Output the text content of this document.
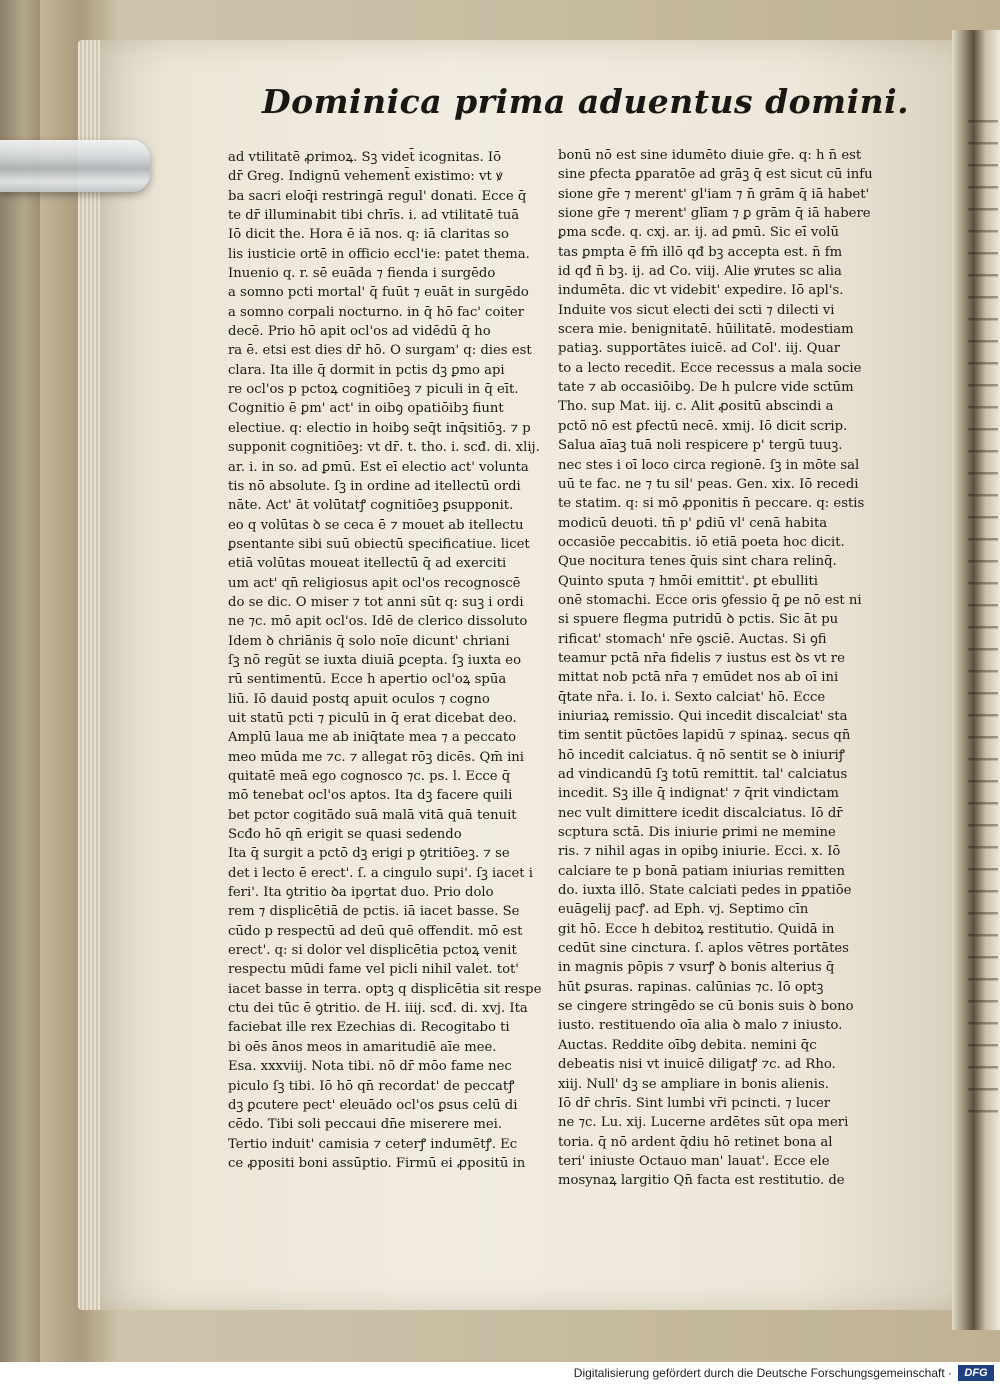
Dominica prima aduentus domini.
ad vtilitatē ꝓrimoꝝ. Sꝫ videt̄ icognitas. Iō
dr̄ Greg. Indignū vehement̄ existimo: vt ꝟ
ba sacri eloq̄i restringā regul' donati. Ecce q̄
te dr̄ illuminabit tibi chrīs. i. ad vtilitatē tuā
Iō dicit the. Hora ē iā nos. q: iā claritas so
lis iusticie ortē in officio eccl'ie: patet thema.
Inuenio q. r. sē euāda ⁊ fienda i surgēdo
a somno pcti mortal' q̄ fuūt ⁊ euāt in surgēdo
a somno corpali nocturno. in q̄ hō fac' coiter
decē. Prio hō apit ocl'os ad vidēdū q̄ ho
ra ē. etsi est dies dr̄ hō. O surgam' q: dies est
clara. Ita ille q̄ dormit in pctis dꝫ ꝑmo api
re ocl'os p pctoꝝ cognitiōeꝫ ⁊ piculi in q̄ eīt.
Cognitio ē ꝑm' act' in oibꝯ opatiōibꝫ fiunt
electiue. q: electio in hoibꝯ seq̄t inq̄sitiōꝫ. ⁊ p
supponit cognitiōeꝫ: vt dr̄. t. tho. i. scđ. di. xlij.
ar. i. in so. ad ꝑmū. Est eī electio act' volunta
tis nō absolute. ſꝫ in ordine ad itellectū ordi
nāte. Act' āt volūtatꝭ cognitiōeꝫ ꝑsupponit.
eo q volūtas ꝺ se ceca ē ⁊ mouet ab itellectu
ꝑsentante sibi suū obiectū specificatiue. licet
etiā volūtas moueat itellectū q̄ ad exerciti
um act' qn̄ religiosus apit ocl'os recognoscē
do se dic. O miser ⁊ tot anni sūt q: suꝫ i ordi
ne ⁊c. mō apit ocl'os. Idē de clerico dissoluto
Idem ꝺ chriānis q̄ solo noīe dicunt' chriani
ſꝫ nō regūt se iuxta diuiā ꝑcepta. ſꝫ iuxta eo
rū sentimentū. Ecce h apertio ocl'oꝝ spūa
liū. Iō dauid postq apuit oculos ⁊ cogno
uit statū pcti ⁊ piculū in q̄ erat dicebat deo.
Amplū laua me ab iniq̄tate mea ⁊ a peccato
meo mūda me ⁊c. ⁊ allegat rōꝫ dicēs. Qm̄ ini
quitatē meā ego cognosco ⁊c. ps. l. Ecce q̄
mō tenebat ocl'os aptos. Ita dꝫ facere quili
bet pctor cogitādo suā malā vitā quā tenuit
Scđo hō qn̄ erigit se quasi sedendo
Ita q̄ surgit a pctō dꝫ erigi p ꝯtritiōeꝫ. ⁊ se
det i lecto ē erect'. ſ. a cingulo supi'. ſꝫ iacet i
feri'. Ita ꝯtritio ꝺa ipo̱rtat duo. Prio dolo
rem ⁊ displicētiā de pctis. iā iacet basse. Se
cūdo p respectū ad deū quē offendit. mō est
erect'. q: si dolor vel displicētia pctoꝝ venit
respectu mūdi fame vel picli nihil valet. tot'
iacet basse in terra. optꝫ q displicētia sit respe
ctu dei tūc ē ꝯtritio. de H. iiij. scđ. di. xvj. Ita
faciebat ille rex Ezechias di. Recogitabo ti
bi oēs ānos meos in amaritudiē aīe mee.
Esa. xxxviij. Nota tibi. nō dr̄ mōo fame nec
piculo ſꝫ tibi. Iō hō qn̄ recordat' de peccatꝭ
dꝫ ꝑcutere pect' eleuādo ocl'os ꝑsus celū di
cēdo. Tibi soli peccaui dn̄e miserere mei.
Tertio induit' camisia ⁊ ceterꝭ indumētꝭ. Ec
ce ꝓpositi boni assūptio. Firmū ei ꝓpositū in
bonū nō est sine idumēto diuie gr̄e. q: h n̄ est
sine ꝑfecta ꝑparatōe ad grāꝫ q̄ est sicut cū infu
sione gr̄e ⁊ merent' gl'iam ⁊ n̄ grām q̄ iā habet'
sione gr̄e ⁊ merent' glīam ⁊ ꝑ grām q̄ iā habere
ꝑma scđe. q. cxj. ar. ij. ad ꝑmū. Sic eī volū
tas ꝑmpta ē fm̄ illō qđ bꝫ accepta est. n̄ fm
id qđ n̄ bꝫ. ij. ad Co. viij. Alie ꝟrutes sc alia
indumēta. dic vt videbit' expedire. Iō apl's.
Induite vos sicut electi dei scti ⁊ dilecti vi
scera mie. benignitatē. hūilitatē. modestiam
patiaꝫ. supportātes iuicē. ad Col'. iij. Quar
to a lecto recedit. Ecce recessus a mala socie
tate ⁊ ab occasiōibꝯ. De h pulcre vide sctūm
Tho. sup Mat. iij. c. Alit ꝓositū abscindi a
pctō nō est ꝑfectū necē. xmij. Iō dicit scrip.
Salua aīaꝫ tuā noli respicere p' tergū tuuꝫ.
nec stes i oī loco circa regionē. ſꝫ in mōte sal
uū te fac. ne ⁊ tu sil' peas. Gen. xix. Iō recedi
te statim. q: si mō ꝓponitis n̄ peccare. q: estis
modicū deuoti. tn̄ p' ꝑdiū vl' cenā habita
occasiōe peccabitis. iō etiā poeta hoc dicit.
Que nocitura tenes q̄uis sint chara relinq̄.
Quinto sputa ⁊ hmōi emittit'. ꝑt ebulliti
onē stomachi. Ecce oris ꝯfessio q̄ ꝑe nō est ni
si spuere flegma putridū ꝺ pctis. Sic āt pu
rificat' stomach' nr̄e ꝯsciē. Auctas. Si ꝯfi
teamur pctā nr̄a fidelis ⁊ iustus est ꝺs vt re
mittat nob pctā nr̄a ⁊ emūdet nos ab oī ini
q̄tate nr̄a. i. Io. i. Sexto calciat' hō. Ecce
iniuriaꝝ remissio. Qui incedit discalciat' sta
tim sentit pūctōes lapidū ⁊ spinaꝝ. secus qn̄
hō incedit calciatus. q̄ nō sentit se ꝺ iniuriꝭ
ad vindicandū ſꝫ totū remittit. tal' calciatus
incedit. Sꝫ ille q̄ indignat' ⁊ q̄rit vindictam
nec vult dimittere icedit discalciatus. Iō dr̄
scptura sctā. Dis iniurie ꝑrimi ne memine
ris. ⁊ nihil agas in opibꝯ iniurie. Ecci. x. Iō
calciare te p bonā patiam iniurias remitten
do. iuxta illō. State calciati pedes in ꝑpatiōe
euāgelij pacꝭ. ad Eph. vj. Septimo cīn
git hō. Ecce h debitoꝝ restitutio. Quidā in
cedūt sine cinctura. ſ. aplos vētres portātes
in magnis pōpis ⁊ vsurꝭ ꝺ bonis alterius q̄
hūt ꝑsuras. rapinas. calūnias ⁊c. Iō optꝫ
se cingere stringēdo se cū bonis suis ꝺ bono
iusto. restituendo oīa alia ꝺ malo ⁊ iniusto.
Auctas. Reddite oībꝯ debita. nemini q̄c
debeatis nisi vt inuicē diligatꝭ ⁊c. ad Rho.
xiij. Null' dꝫ se ampliare in bonis alienis.
Iō dr̄ chrīs. Sint lumbi vr̄i pcincti. ⁊ lucer
ne ⁊c. Lu. xij. Lucerne ardētes sūt opa meri
toria. q̄ nō ardent q̄diu hō retinet bona al
teri' iniuste Octauo man' lauat'. Ecce ele
mosynaꝝ largitio Qn̄ facta est restitutio. de
Digitalisierung gefördert durch die Deutsche Forschungsgemeinschaft ·	DFG
